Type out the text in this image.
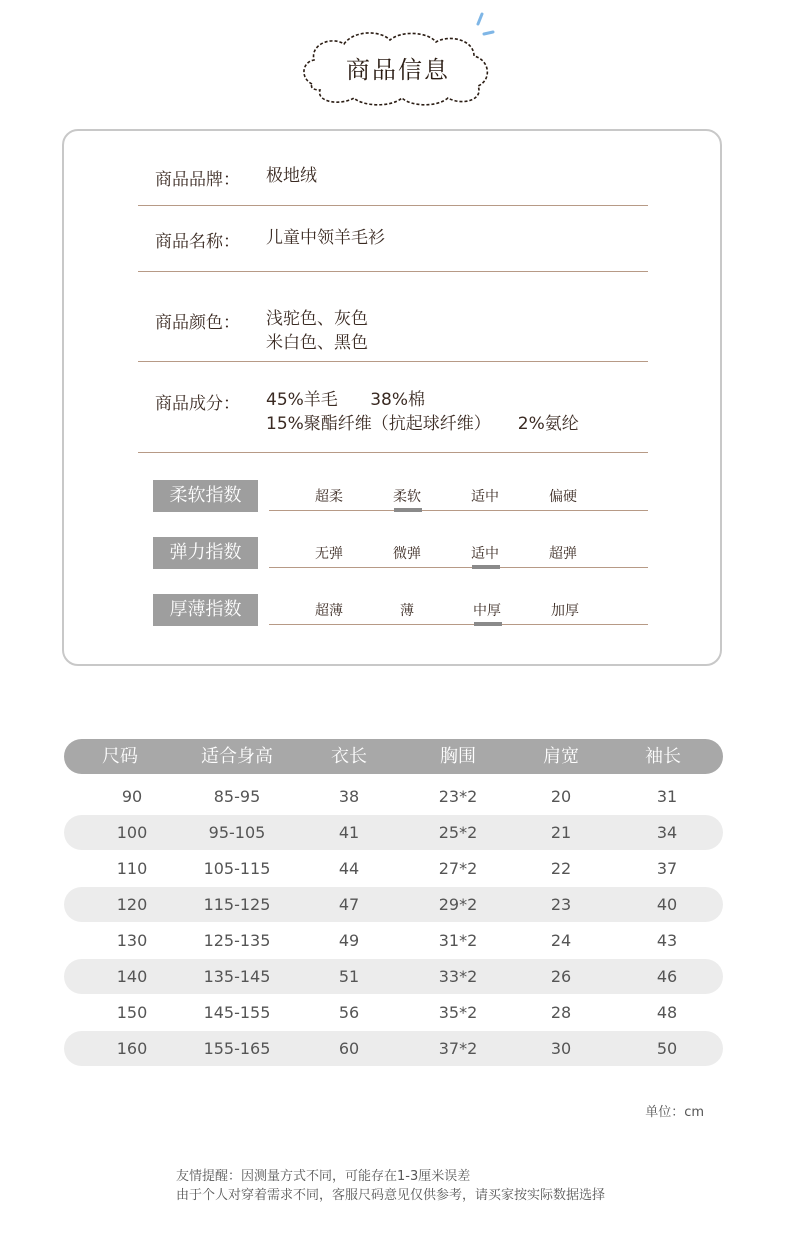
商品信息
商品品牌： 极地绒
商品名称： 儿童中领羊毛衫
商品颜色： 浅驼色、灰色
米白色、黑色
商品成分： 45%羊毛      38%棉
15%聚酯纤维（抗起球纤维）     2%氨纶
柔软指数	超柔	柔软	适中	偏硬
弹力指数	无弹	微弹	适中	超弹
厚薄指数	超薄	薄	中厚	加厚
尺码	适合身高	衣长	胸围	肩宽	袖长
90	85-95	38	23*2	20	31
100	95-105	41	25*2	21	34
110	105-115	44	27*2	22	37
120	115-125	47	29*2	23	40
130	125-135	49	31*2	24	43
140	135-145	51	33*2	26	46
150	145-155	56	35*2	28	48
160	155-165	60	37*2	30	50
单位：cm
友情提醒：因测量方式不同，可能存在1-3厘米误差
由于个人对穿着需求不同，客服尺码意见仅供参考，请买家按实际数据选择
